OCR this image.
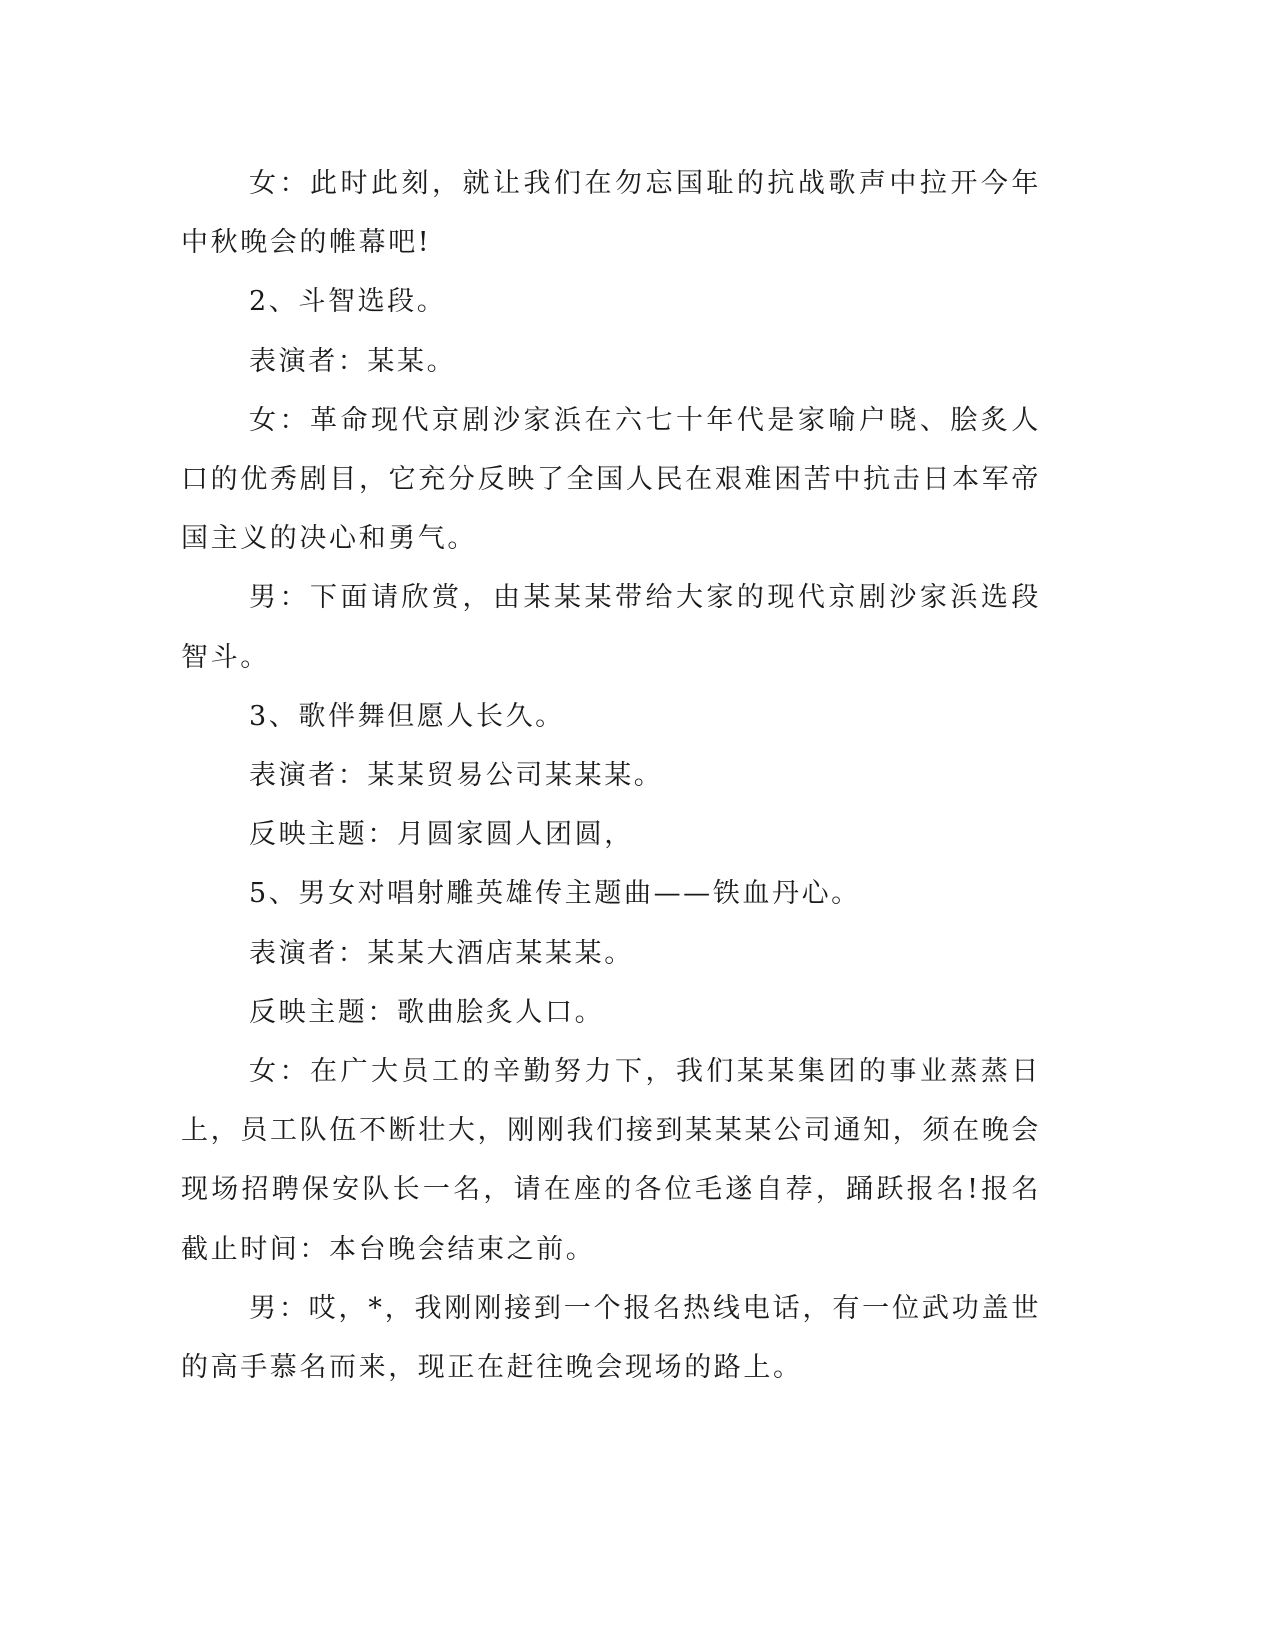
女：此时此刻，就让我们在勿忘国耻的抗战歌声中拉开今年中秋晚会的帷幕吧!

2、斗智选段。

表演者：某某。

女：革命现代京剧沙家浜在六七十年代是家喻户晓、脍炙人口的优秀剧目，它充分反映了全国人民在艰难困苦中抗击日本军帝国主义的决心和勇气。

男：下面请欣赏，由某某某带给大家的现代京剧沙家浜选段智斗。

3、歌伴舞但愿人长久。

表演者：某某贸易公司某某某。

反映主题：月圆家圆人团圆，

5、男女对唱射雕英雄传主题曲——铁血丹心。

表演者：某某大酒店某某某。

反映主题：歌曲脍炙人口。

女：在广大员工的辛勤努力下，我们某某集团的事业蒸蒸日上，员工队伍不断壮大，刚刚我们接到某某某公司通知，须在晚会现场招聘保安队长一名，请在座的各位毛遂自荐，踊跃报名!报名截止时间：本台晚会结束之前。

男：哎，*，我刚刚接到一个报名热线电话，有一位武功盖世的高手慕名而来，现正在赶往晚会现场的路上。
